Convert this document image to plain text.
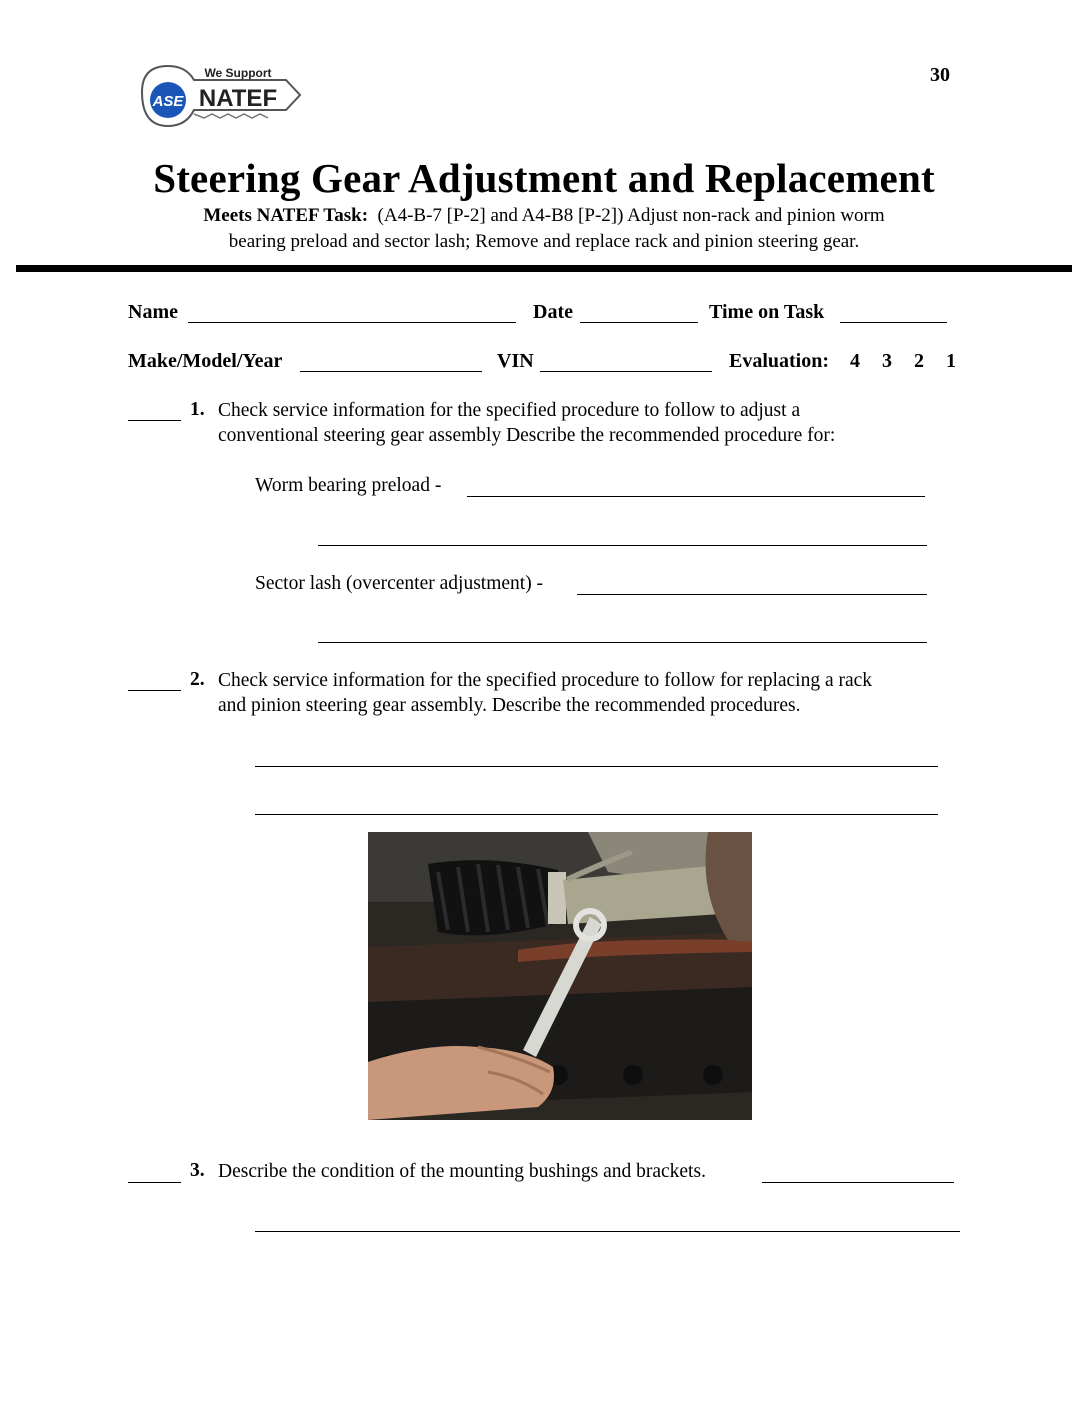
30
ASE
We Support
NATEF
Steering Gear Adjustment and Replacement
Meets NATEF Task: (A4-B-7 [P-2] and A4-B8 [P-2]) Adjust non-rack and pinion worm
bearing preload and sector lash; Remove and replace rack and pinion steering gear.
Name	Date	Time on Task
Make/Model/Year	VIN	Evaluation: 4 3 2 1
1. Check service information for the specified procedure to follow to adjust a
conventional steering gear assembly Describe the recommended procedure for:
Worm bearing preload -
Sector lash (overcenter adjustment) -
2. Check service information for the specified procedure to follow for replacing a rack
and pinion steering gear assembly. Describe the recommended procedures.
3. Describe the condition of the mounting bushings and brackets.
